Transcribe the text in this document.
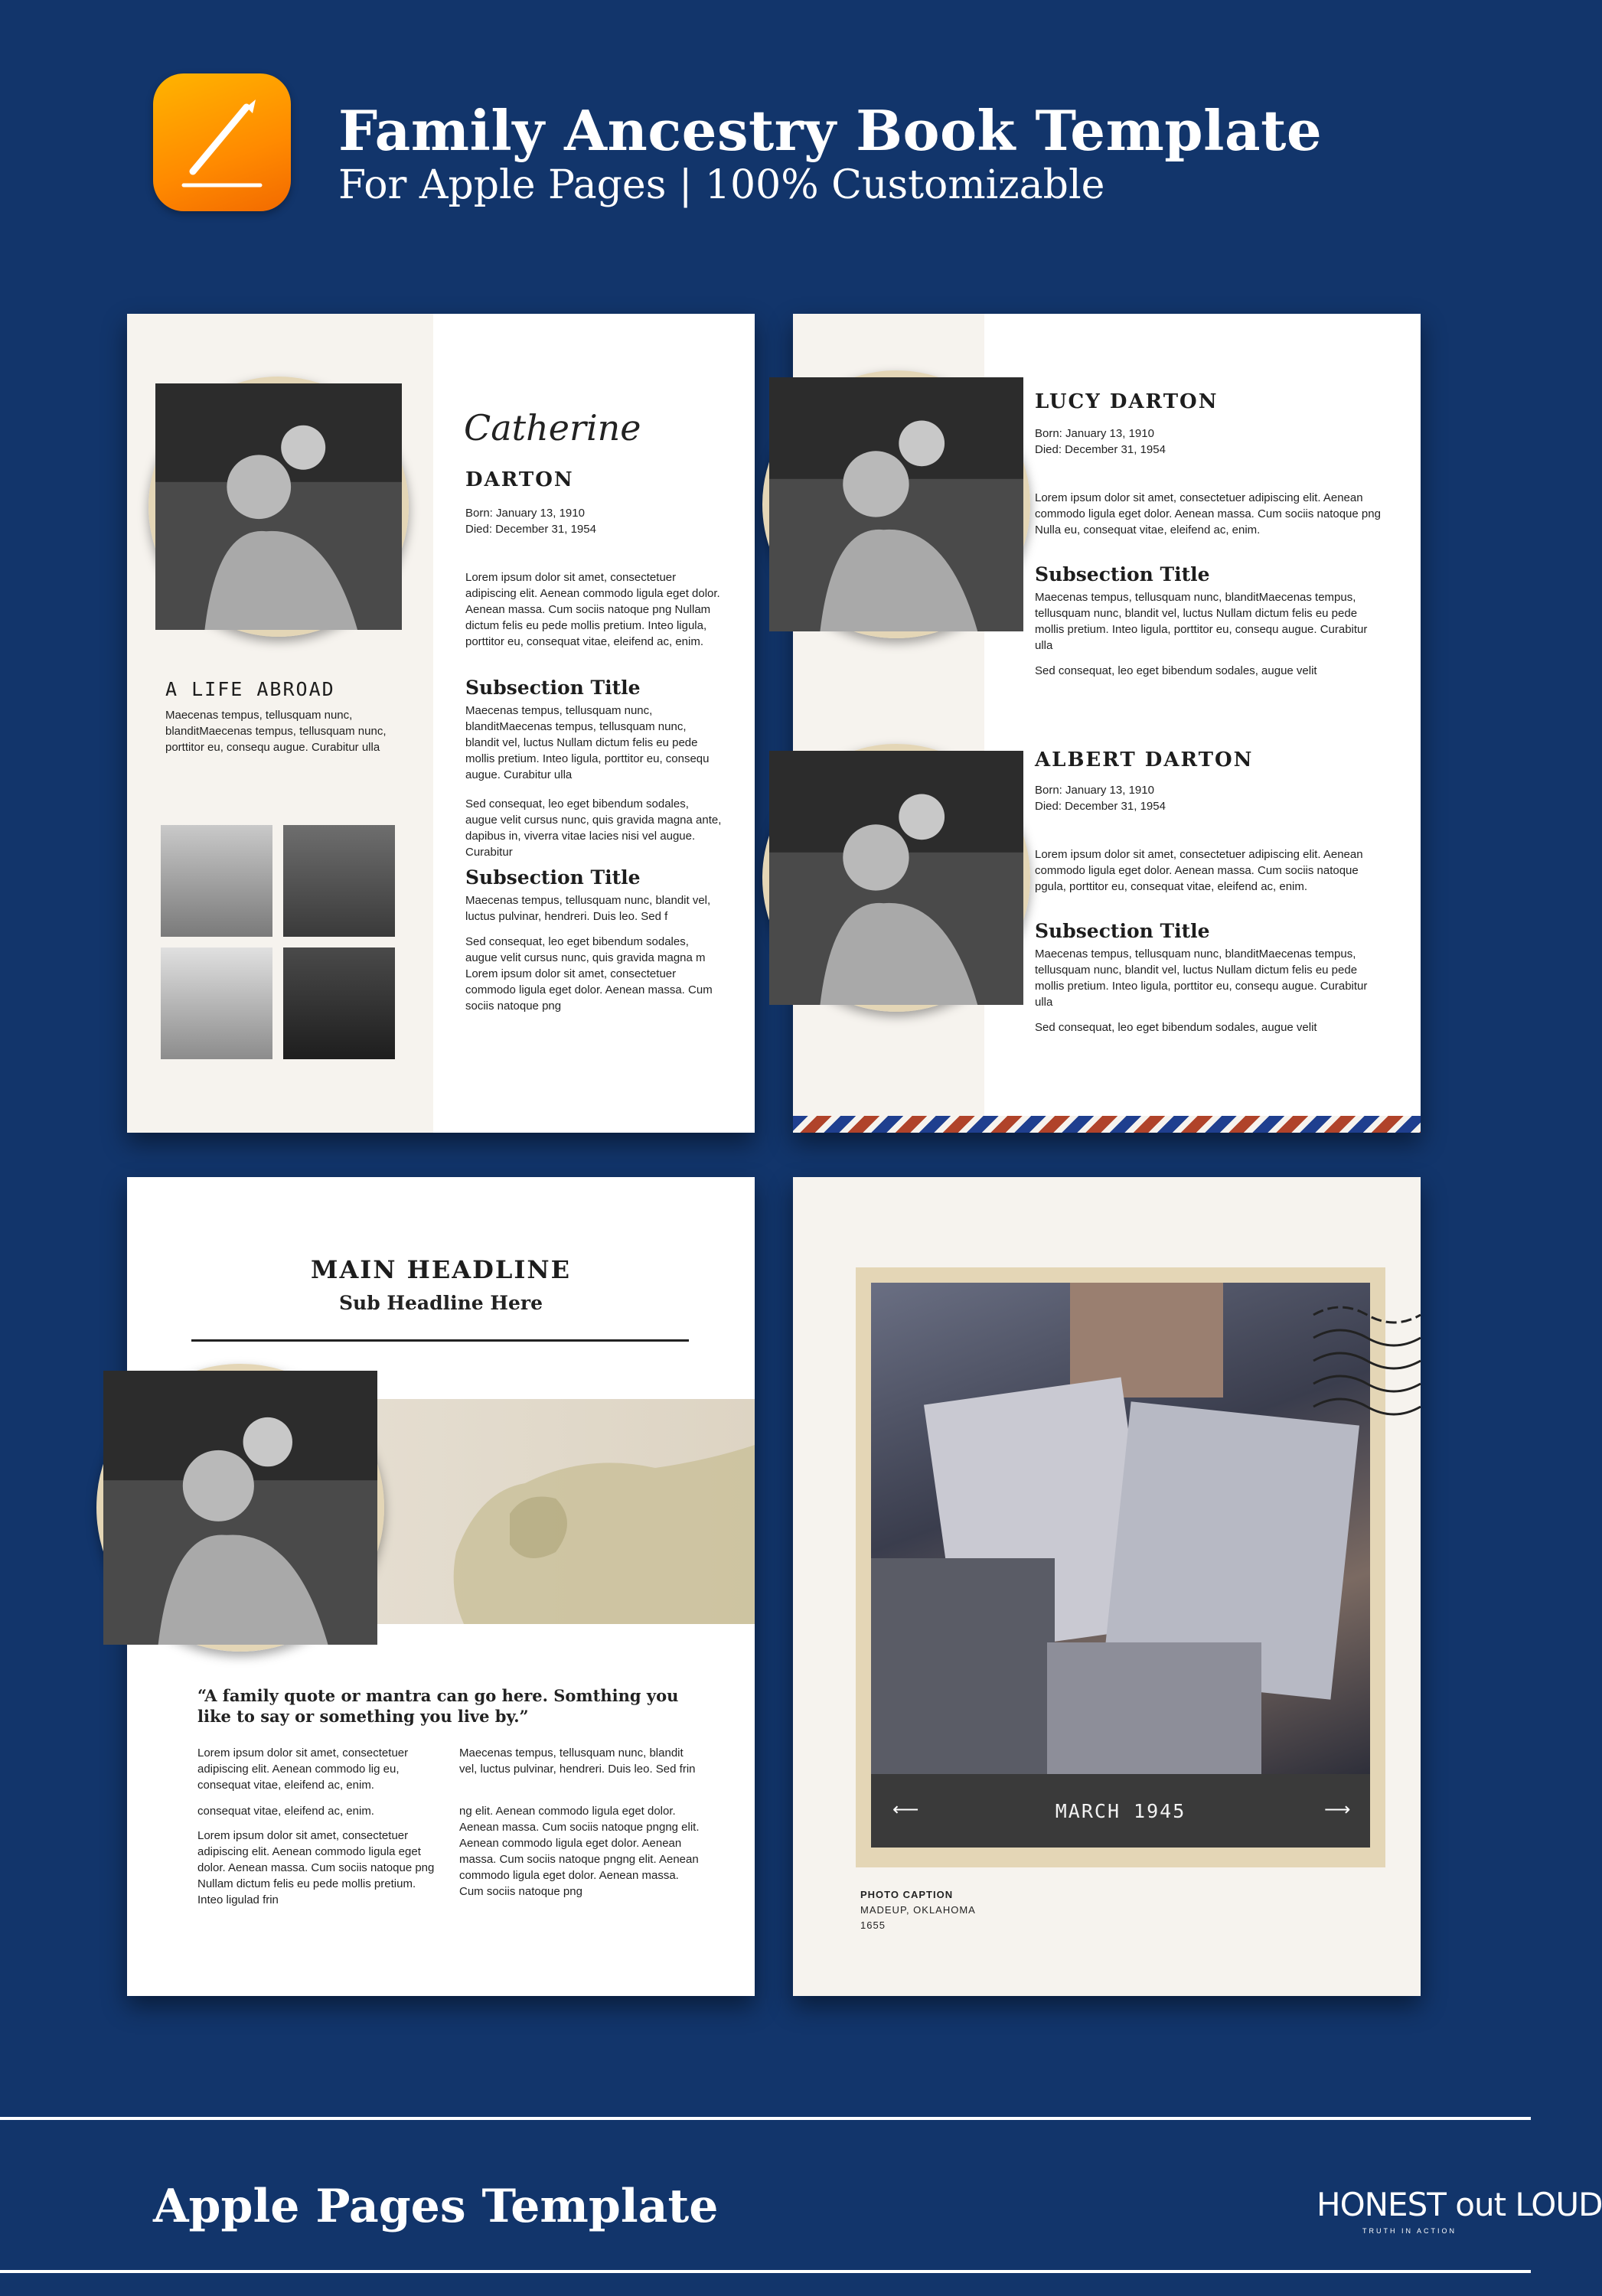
Family Ancestry Book Template
For Apple Pages | 100% Customizable
A LIFE ABROAD
Maecenas tempus, tellusquam nunc, blanditMaecenas tempus, tellusquam nunc, porttitor eu, consequ augue. Curabitur ulla
Catherine
DARTON
Born: January 13, 1910
Died: December 31, 1954
Lorem ipsum dolor sit amet, consectetuer adipiscing elit. Aenean commodo ligula eget dolor. Aenean massa. Cum sociis natoque png Nullam dictum felis eu pede mollis pretium. Inteo ligula, porttitor eu, consequat vitae, eleifend ac, enim.
Subsection Title
Maecenas tempus, tellusquam nunc, blanditMaecenas tempus, tellusquam nunc, blandit vel, luctus Nullam dictum felis eu pede mollis pretium. Inteo ligula, porttitor eu, consequ augue. Curabitur ulla
Sed consequat, leo eget bibendum sodales, augue velit cursus nunc, quis gravida magna ante, dapibus in, viverra vitae lacies nisi vel augue. Curabitur
Subsection Title
Maecenas tempus, tellusquam nunc, blandit vel, luctus pulvinar, hendreri. Duis leo. Sed f
Sed consequat, leo eget bibendum sodales, augue velit cursus nunc, quis gravida magna m Lorem ipsum dolor sit amet, consectetuer commodo ligula eget dolor. Aenean massa. Cum sociis natoque png
LUCY DARTON
Born: January 13, 1910
Died: December 31, 1954
Lorem ipsum dolor sit amet, consectetuer adipiscing elit. Aenean commodo ligula eget dolor. Aenean massa. Cum sociis natoque png Nulla eu, consequat vitae, eleifend ac, enim.
Subsection Title
Maecenas tempus, tellusquam nunc, blanditMaecenas tempus, tellusquam nunc, blandit vel, luctus Nullam dictum felis eu pede mollis pretium. Inteo ligula, porttitor eu, consequ augue. Curabitur ulla
Sed consequat, leo eget bibendum sodales, augue velit
ALBERT DARTON
Born: January 13, 1910
Died: December 31, 1954
Lorem ipsum dolor sit amet, consectetuer adipiscing elit. Aenean commodo ligula eget dolor. Aenean massa. Cum sociis natoque pgula, porttitor eu, consequat vitae, eleifend ac, enim.
Subsection Title
Maecenas tempus, tellusquam nunc, blanditMaecenas tempus, tellusquam nunc, blandit vel, luctus Nullam dictum felis eu pede mollis pretium. Inteo ligula, porttitor eu, consequ augue. Curabitur ulla
Sed consequat, leo eget bibendum sodales, augue velit
MAIN HEADLINE
Sub Headline Here
“A family quote or mantra can go here. Somthing you like to say or something you live by.”
Lorem ipsum dolor sit amet, consectetuer adipiscing elit. Aenean commodo lig eu, consequat vitae, eleifend ac, enim.
consequat vitae, eleifend ac, enim.
Lorem ipsum dolor sit amet, consectetuer adipiscing elit. Aenean commodo ligula eget dolor. Aenean massa. Cum sociis natoque png Nullam dictum felis eu pede mollis pretium. Inteo ligulad frin
Maecenas tempus, tellusquam nunc, blandit vel, luctus pulvinar, hendreri. Duis leo. Sed frin
ng elit. Aenean commodo ligula eget dolor. Aenean massa. Cum sociis natoque pngng elit. Aenean commodo ligula eget dolor. Aenean massa. Cum sociis natoque pngng elit. Aenean commodo ligula eget dolor. Aenean massa. Cum sociis natoque png
⟵	MARCH 1945	⟶
PHOTO CAPTION
MADEUP, OKLAHOMA
1655
Apple Pages Template	HONEST out LOUD
TRUTH IN ACTION
